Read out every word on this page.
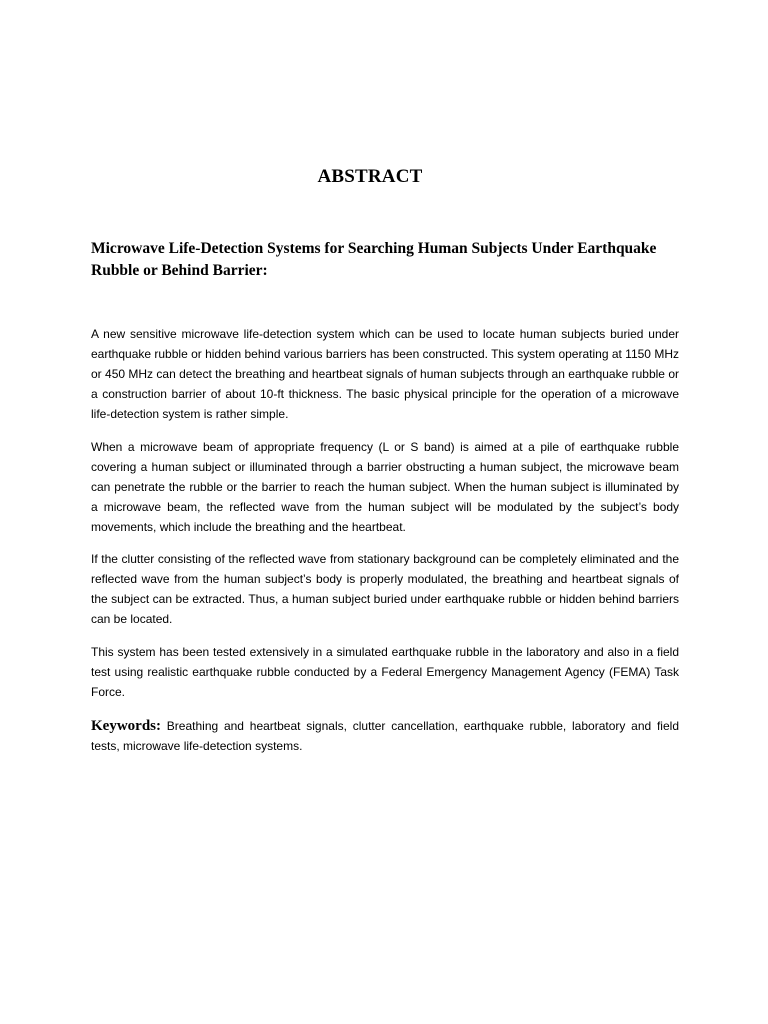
ABSTRACT
Microwave Life-Detection Systems for Searching Human Subjects Under Earthquake Rubble or Behind Barrier:

A new sensitive microwave life-detection system which can be used to locate human subjects buried under earthquake rubble or hidden behind various barriers has been constructed. This system operating at 1150 MHz or 450 MHz can detect the breathing and heartbeat signals of human subjects through an earthquake rubble or a construction barrier of about 10-ft thickness. The basic physical principle for the operation of a microwave life-detection system is rather simple.

When a microwave beam of appropriate frequency (L or S band) is aimed at a pile of earthquake rubble covering a human subject or illuminated through a barrier obstructing a human subject, the microwave beam can penetrate the rubble or the barrier to reach the human subject. When the human subject is illuminated by a microwave beam, the reflected wave from the human subject will be modulated by the subject’s body movements, which include the breathing and the heartbeat.

If the clutter consisting of the reflected wave from stationary background can be completely eliminated and the reflected wave from the human subject’s body is properly modulated, the breathing and heartbeat signals of the subject can be extracted. Thus, a human subject buried under earthquake rubble or hidden behind barriers can be located.

This system has been tested extensively in a simulated earthquake rubble in the laboratory and also in a field test using realistic earthquake rubble conducted by a Federal Emergency Management Agency (FEMA) Task Force.

Keywords: Breathing and heartbeat signals, clutter cancellation, earthquake rubble, laboratory and field tests, microwave life-detection systems.
